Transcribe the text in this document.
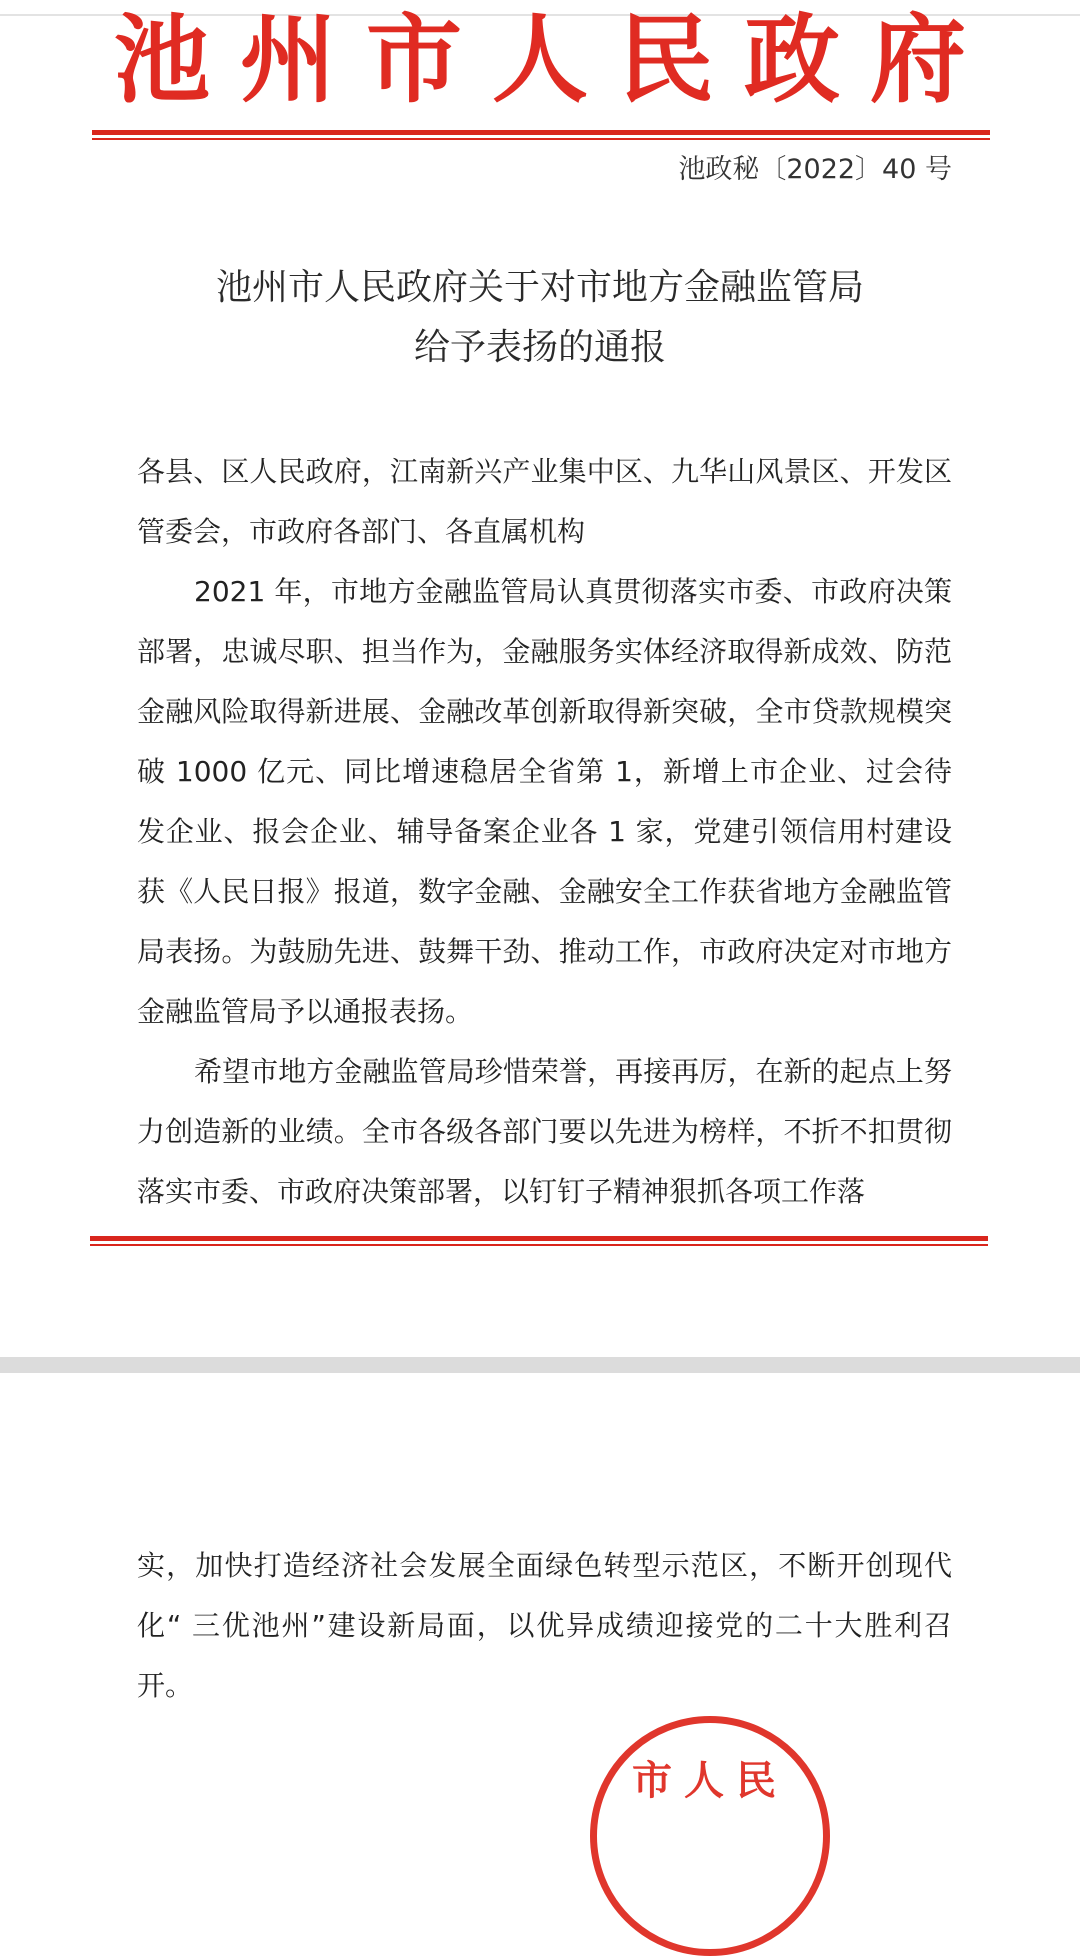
池州市人民政府
池政秘〔2022〕40 号
池州市人民政府关于对市地方金融监管局
给予表扬的通报

各县、区人民政府，江南新兴产业集中区、九华山风景区、开发区管委会，市政府各部门、各直属机构

2021 年，市地方金融监管局认真贯彻落实市委、市政府决策部署，忠诚尽职、担当作为，金融服务实体经济取得新成效、防范金融风险取得新进展、金融改革创新取得新突破，全市贷款规模突破 1000 亿元、同比增速稳居全省第 1，新增上市企业、过会待发企业、报会企业、辅导备案企业各 1 家，党建引领信用村建设获《人民日报》报道，数字金融、金融安全工作获省地方金融监管局表扬。为鼓励先进、鼓舞干劲、推动工作，市政府决定对市地方金融监管局予以通报表扬。

希望市地方金融监管局珍惜荣誉，再接再厉，在新的起点上努力创造新的业绩。全市各级各部门要以先进为榜样，不折不扣贯彻落实市委、市政府决策部署，以钉钉子精神狠抓各项工作落

实，加快打造经济社会发展全面绿色转型示范区，不断开创现代化“ 三优池州”建设新局面，以优异成绩迎接党的二十大胜利召开。

市人民
